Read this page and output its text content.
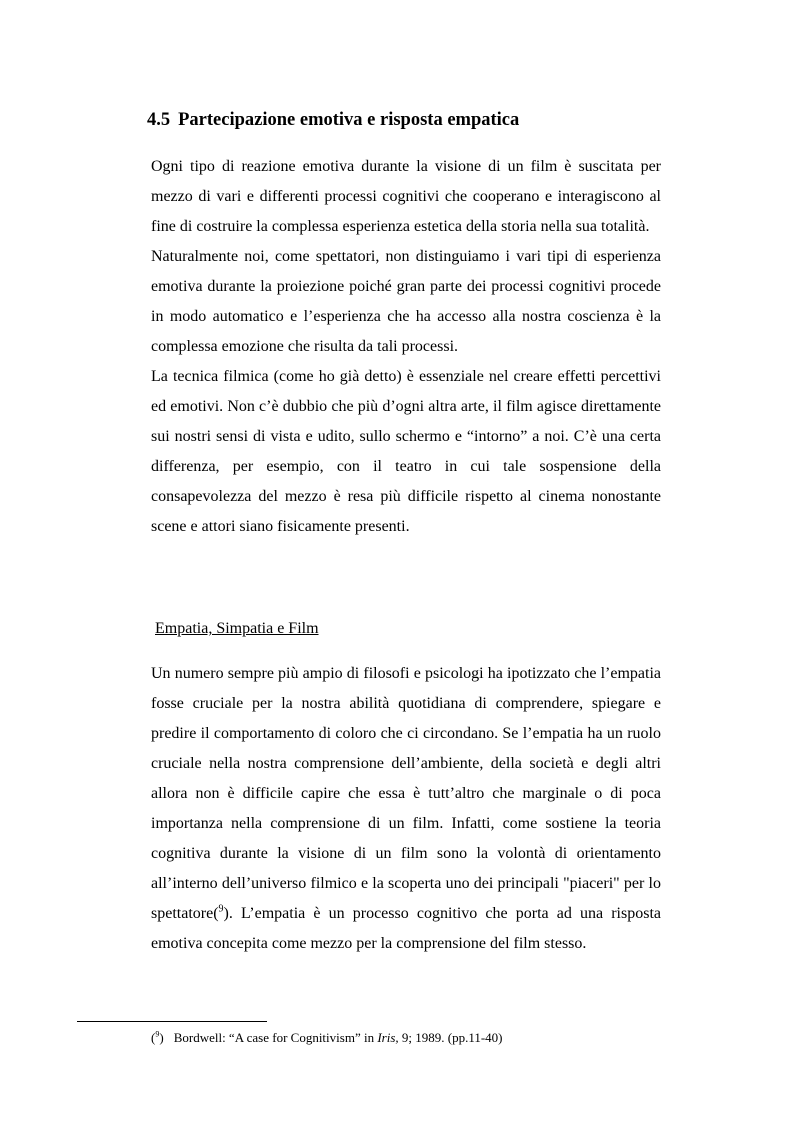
4.5 Partecipazione emotiva e risposta empatica

Ogni tipo di reazione emotiva durante la visione di un film è suscitata per mezzo di vari e differenti processi cognitivi che cooperano e interagiscono al fine di costruire la complessa esperienza estetica della storia nella sua totalità.

Naturalmente noi, come spettatori, non distinguiamo i vari tipi di esperienza emotiva durante la proiezione poiché gran parte dei processi cognitivi procede in modo automatico e l’esperienza che ha accesso alla nostra coscienza è la complessa emozione che risulta da tali processi.

La tecnica filmica (come ho già detto) è essenziale nel creare effetti percettivi ed emotivi. Non c’è dubbio che più d’ogni altra arte, il film agisce direttamente sui nostri sensi di vista e udito, sullo schermo e “intorno” a noi. C’è una certa differenza, per esempio, con il teatro in cui tale sospensione della consapevolezza del mezzo è resa più difficile rispetto al cinema nonostante scene e attori siano fisicamente presenti.

Empatia, Simpatia e Film

Un numero sempre più ampio di filosofi e psicologi ha ipotizzato che l’empatia fosse cruciale per la nostra abilità quotidiana di comprendere, spiegare e predire il comportamento di coloro che ci circondano. Se l’empatia ha un ruolo cruciale nella nostra comprensione dell’ambiente, della società e degli altri allora non è difficile capire che essa è tutt’altro che marginale o di poca importanza nella comprensione di un film. Infatti, come sostiene la teoria cognitiva durante la visione di un film sono la volontà di orientamento all’interno dell’universo filmico e la scoperta uno dei principali "piaceri" per lo spettatore($^9$). L’empatia è un processo cognitivo che porta ad una risposta emotiva concepita come mezzo per la comprensione del film stesso.

($^9$) Bordwell: “A case for Cognitivism” in Iris, 9; 1989. (pp.11-40)
